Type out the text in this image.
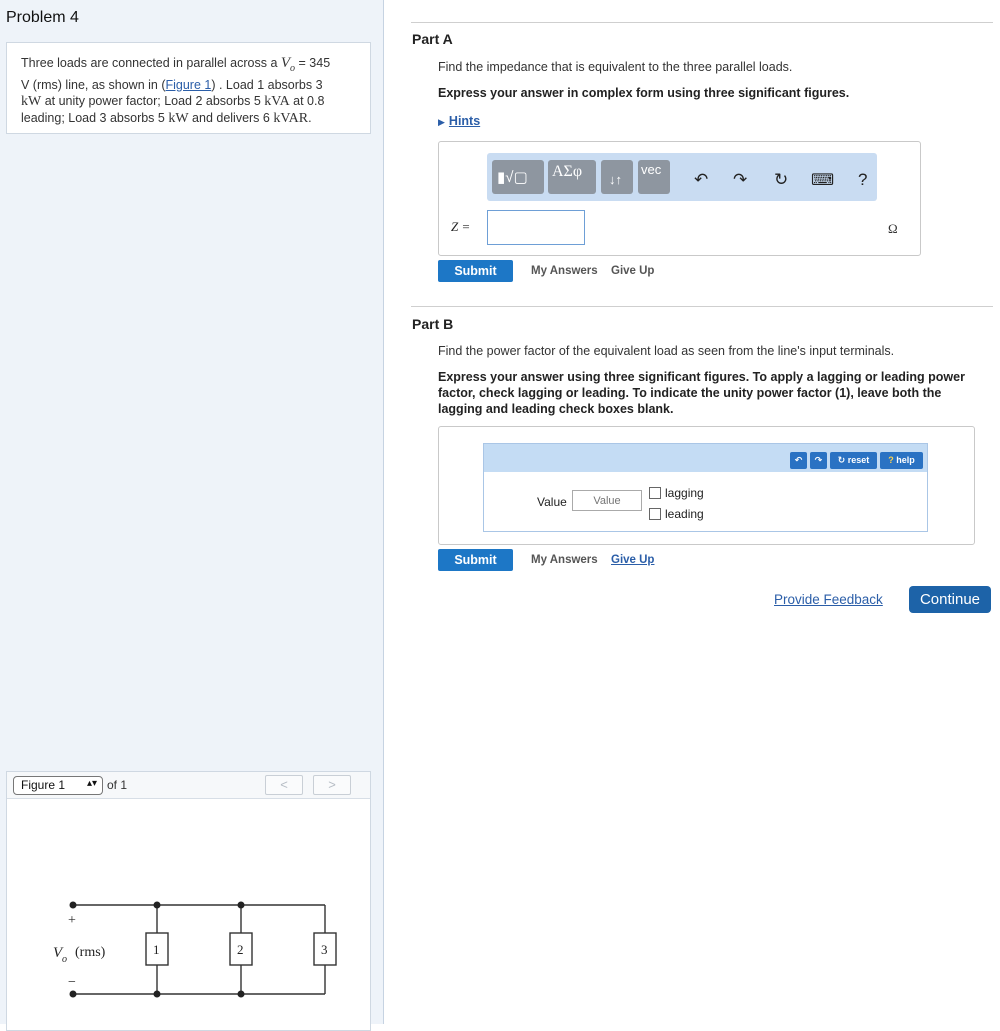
Problem 4
Three loads are connected in parallel across a $V_o = 345$
V (rms) line, as shown in (Figure 1) . Load 1 absorbs 3
kW at unity power factor; Load 2 absorbs 5 kVA at 0.8
leading; Load 3 absorbs 5 kW and delivers 6 kVAR.
Figure 1 ▴▾ of 1	<	>
+
−
V o (rms)	1	2	3
Part A
Find the impedance that is equivalent to the three parallel loads.
Express your answer in complex form using three significant figures.
▶ Hints
▮√▢ ΑΣφ ↓↑
vec
↶ ↷ ↻ ⌨ ?
Z =	Ω
Submit	My Answers Give Up
Part B
Find the power factor of the equivalent load as seen from the line's input terminals.
Express your answer using three significant figures. To apply a lagging or leading power factor, check lagging or leading. To indicate the unity power factor (1), leave both the lagging and leading check boxes blank.
↶	↷	↻ reset	? help
Value
Value
lagging
leading
Submit	My Answers Give Up
Provide Feedback	Continue
